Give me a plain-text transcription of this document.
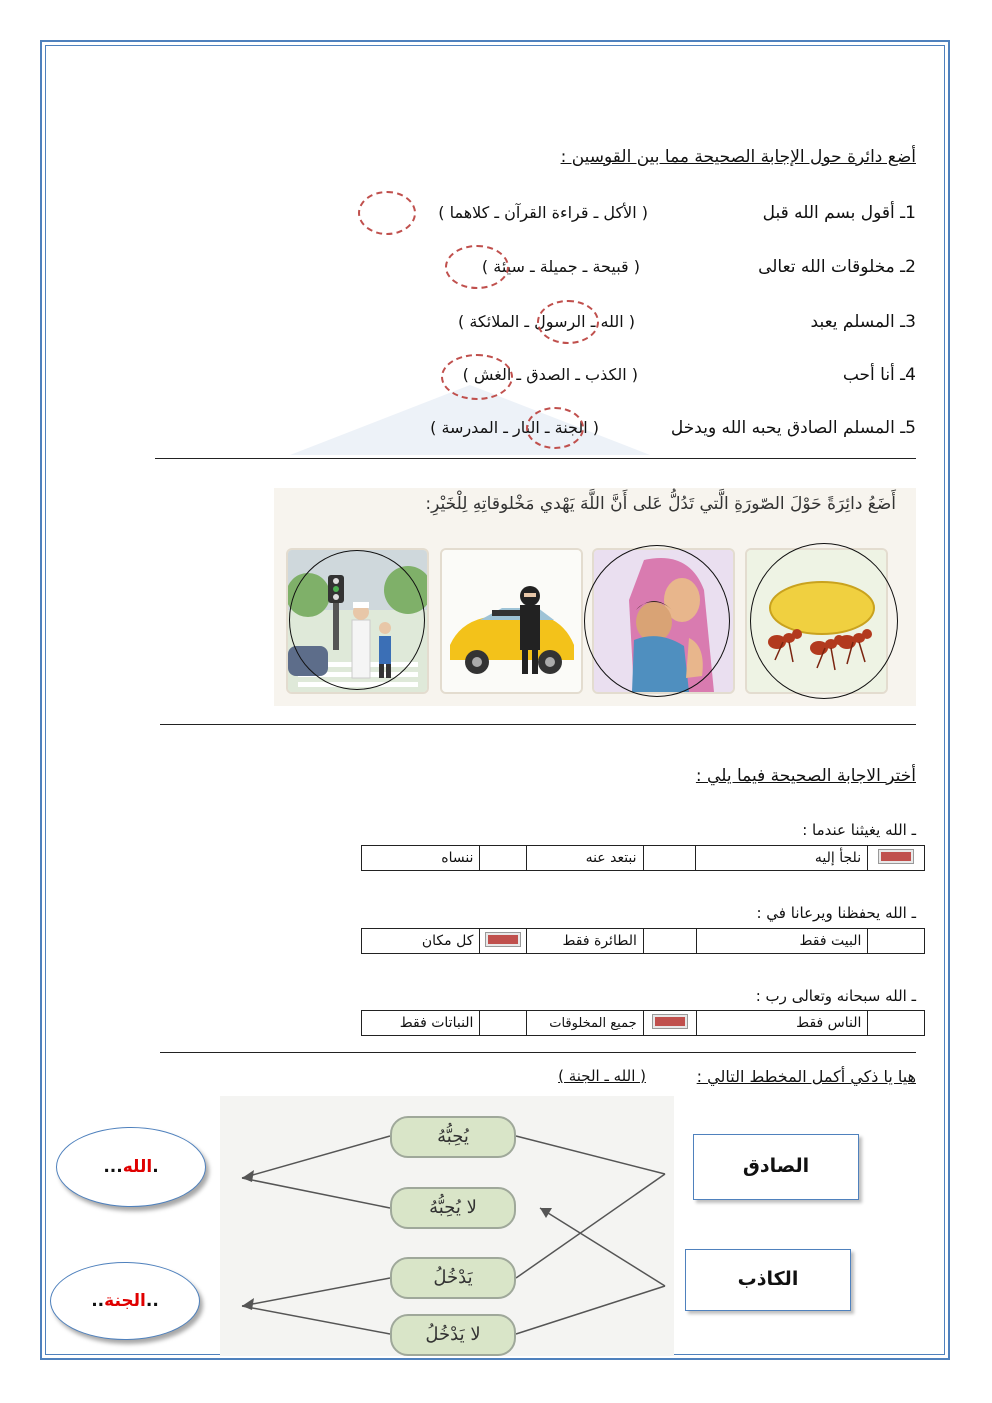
أضع دائرة حول الإجابة الصحيحة مما بين القوسين :
1ـ أقول بسم الله قبل
( الأكل ـ قراءة القرآن ـ كلاهما )
2ـ مخلوقات الله تعالى
( قبيحة ـ جميلة ـ سيئة )
3ـ المسلم يعبد
( الله ـ الرسول ـ الملائكة )
4ـ أنا أحب
( الكذب ـ الصدق ـ الغش )
5ـ المسلم الصادق يحبه الله ويدخل
( الجنة ـ النار ـ المدرسة )
أَضَعُ دائِرَةً حَوْلَ الصّورَةِ الَّتي تَدُلُّ عَلى أَنَّ اللَّهَ يَهْدي مَخْلوقاتِهِ لِلْخَيْرِ:
أختر الاجابة الصحيحة فيما يلي :
ـ الله يغيثنا عندما :
	نلجأ إليه		نبتعد عنه		ننساه
ـ الله يحفظنا ويرعانا في :
	البيت فقط		الطائرة فقط		كل مكان
ـ الله سبحانه وتعالى رب :
	الناس فقط		جميع المخلوقات		النباتات فقط
هيا يا ذكي أكمل المخطط التالي :
( الله ـ الجنة )
يُحِبُّهُ
لا يُحِبُّهُ
يَدْخُلُ
لا يَدْخُلُ
الصادق
الكاذب
...الله.
..الجنة..
